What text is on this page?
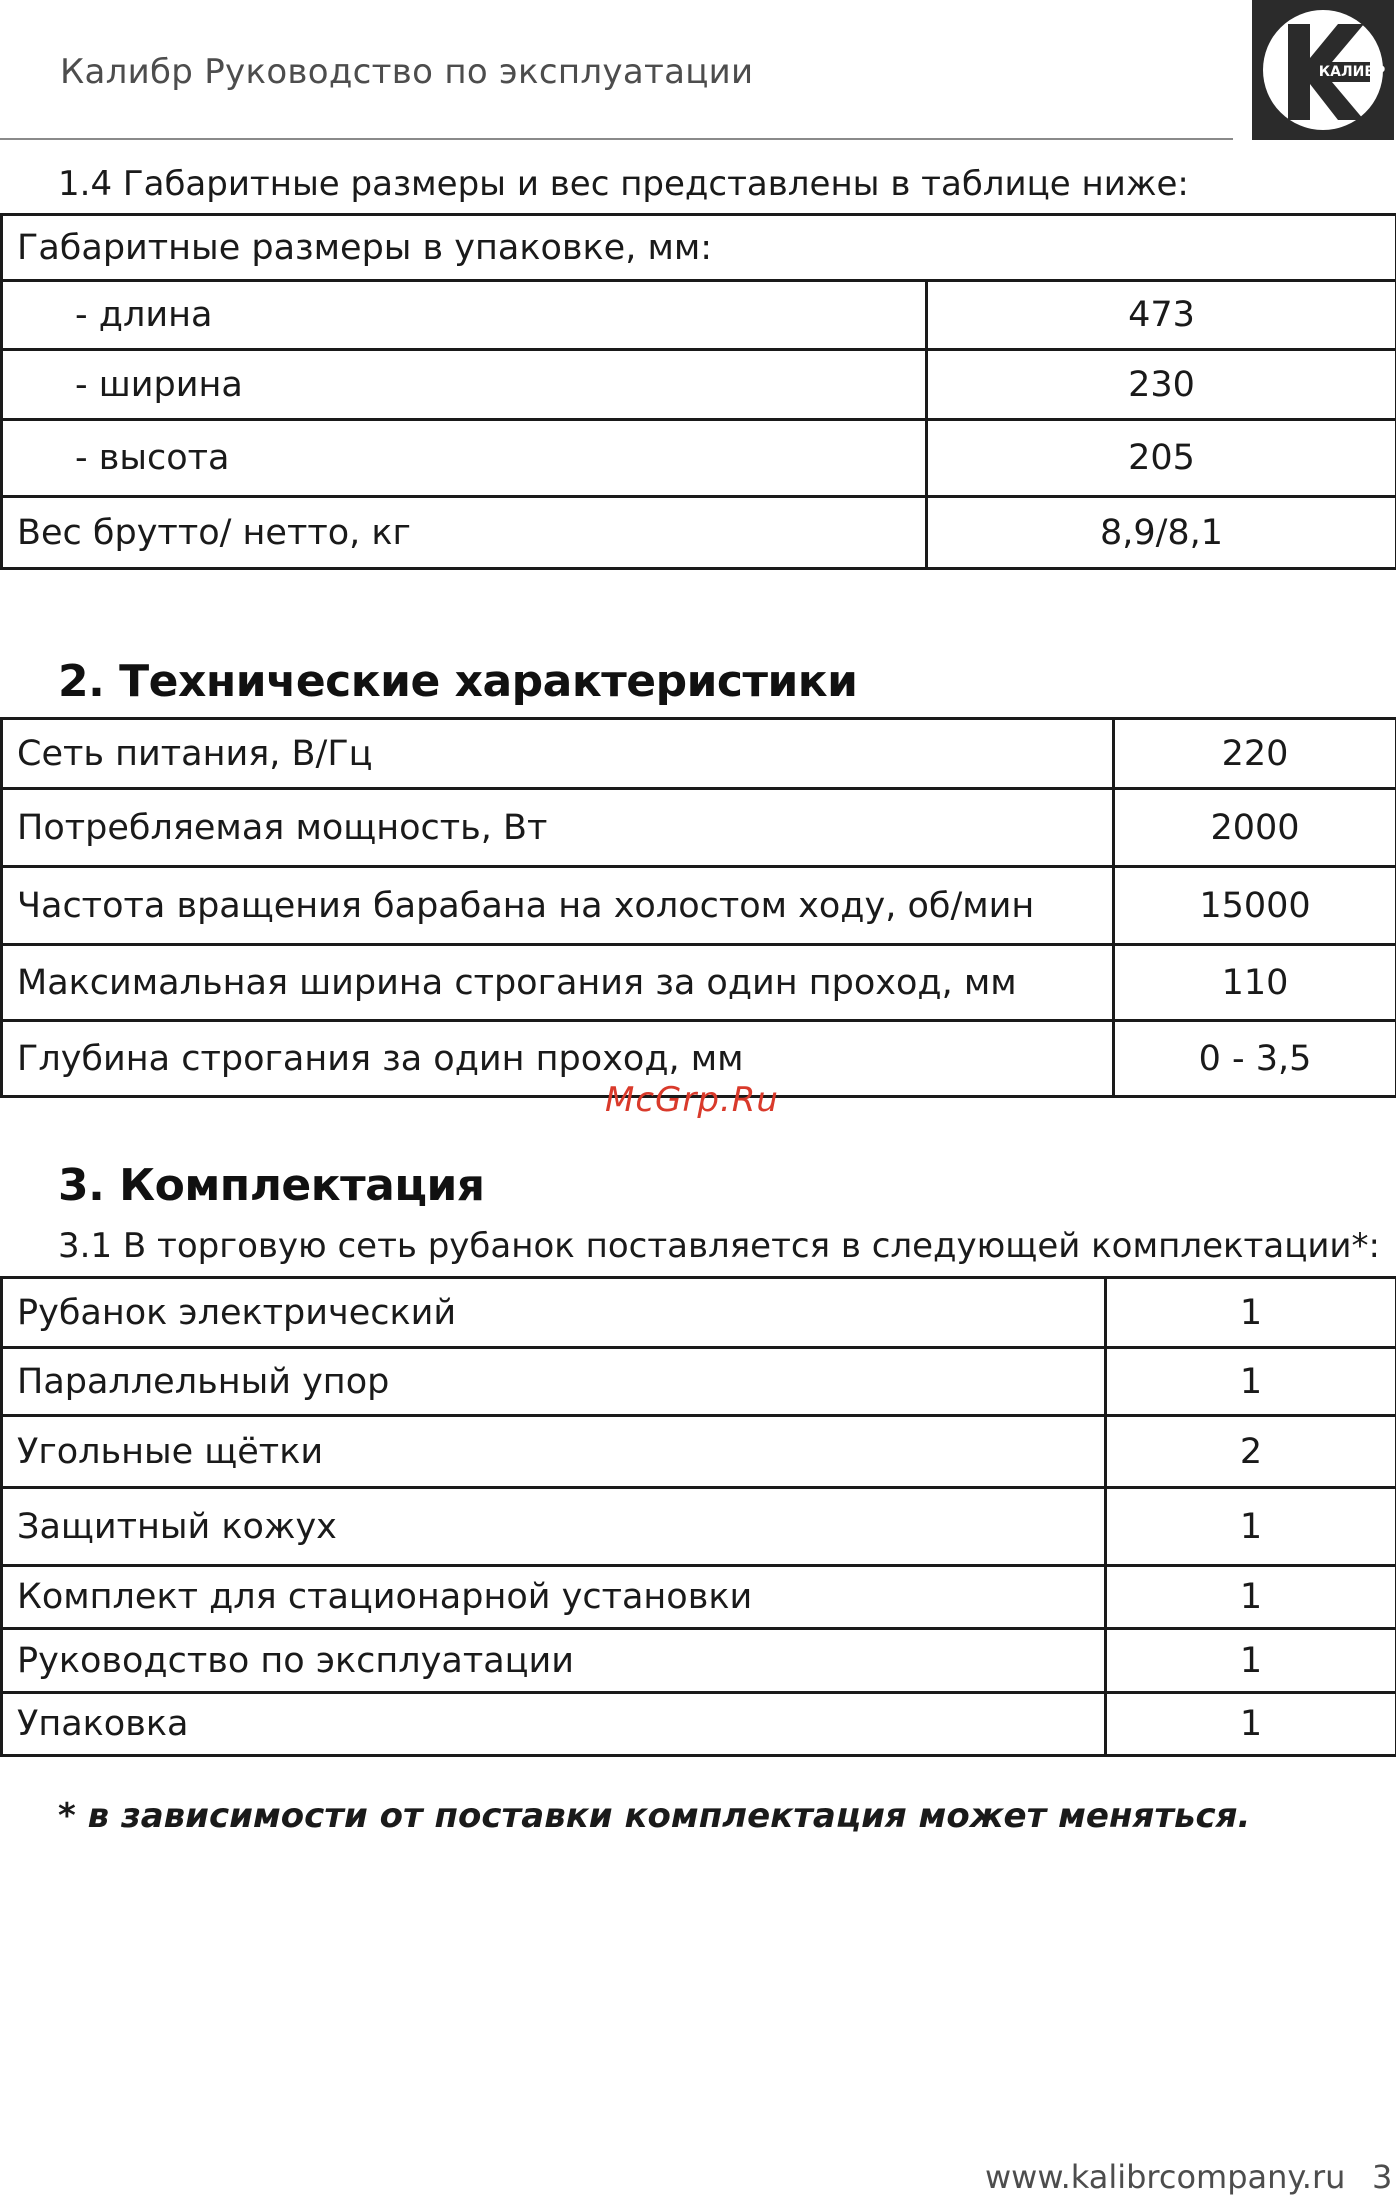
Калибр Руководство по эксплуатации	КАЛИБР
1.4 Габаритные размеры и вес представлены в таблице ниже:
Габаритные размеры в упаковке, мм:	
- длина	473
- ширина	230
- высота	205
Вес брутто/ нетто, кг	8,9/8,1
2. Технические характеристики
Сеть питания, В/Гц	220
Потребляемая мощность, Вт	2000
Частота вращения барабана на холостом ходу, об/мин	15000
Максимальная ширина строгания за один проход, мм	110
Глубина строгания за один проход, мм	0 - 3,5
McGrp.Ru
3. Комплектация
3.1 В торговую сеть рубанок поставляется в следующей комплектации*:
Рубанок электрический	1
Параллельный упор	1
Угольные щётки	2
Защитный кожух	1
Комплект для стационарной установки	1
Руководство по эксплуатации	1
Упаковка	1
* в зависимости от поставки комплектация может меняться.
www.kalibrcompany.ru 3
